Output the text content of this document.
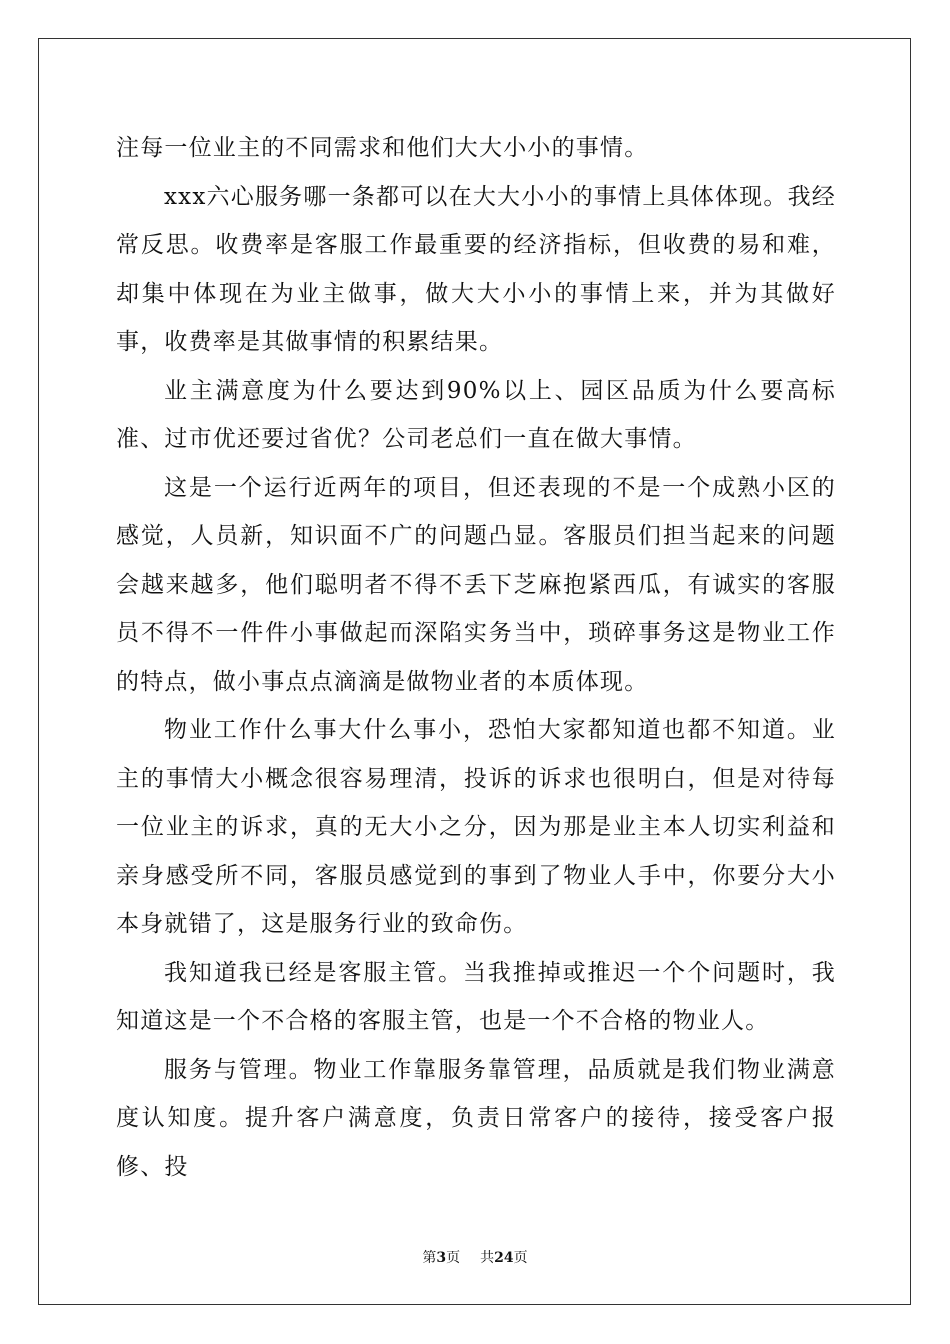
注每一位业主的不同需求和他们大大小小的事情。

xxx六心服务哪一条都可以在大大小小的事情上具体体现。我经常反思。收费率是客服工作最重要的经济指标，但收费的易和难，却集中体现在为业主做事，做大大小小的事情上来，并为其做好事，收费率是其做事情的积累结果。

业主满意度为什么要达到90%以上、园区品质为什么要高标准、过市优还要过省优？公司老总们一直在做大事情。

这是一个运行近两年的项目，但还表现的不是一个成熟小区的感觉，人员新，知识面不广的问题凸显。客服员们担当起来的问题会越来越多，他们聪明者不得不丢下芝麻抱紧西瓜，有诚实的客服员不得不一件件小事做起而深陷实务当中，琐碎事务这是物业工作的特点，做小事点点滴滴是做物业者的本质体现。

物业工作什么事大什么事小，恐怕大家都知道也都不知道。业主的事情大小概念很容易理清，投诉的诉求也很明白，但是对待每一位业主的诉求，真的无大小之分，因为那是业主本人切实利益和亲身感受所不同，客服员感觉到的事到了物业人手中，你要分大小本身就错了，这是服务行业的致命伤。

我知道我已经是客服主管。当我推掉或推迟一个个问题时，我知道这是一个不合格的客服主管，也是一个不合格的物业人。

服务与管理。物业工作靠服务靠管理，品质就是我们物业满意度认知度。提升客户满意度，负责日常客户的接待，接受客户报修、投

第3页 共24页
